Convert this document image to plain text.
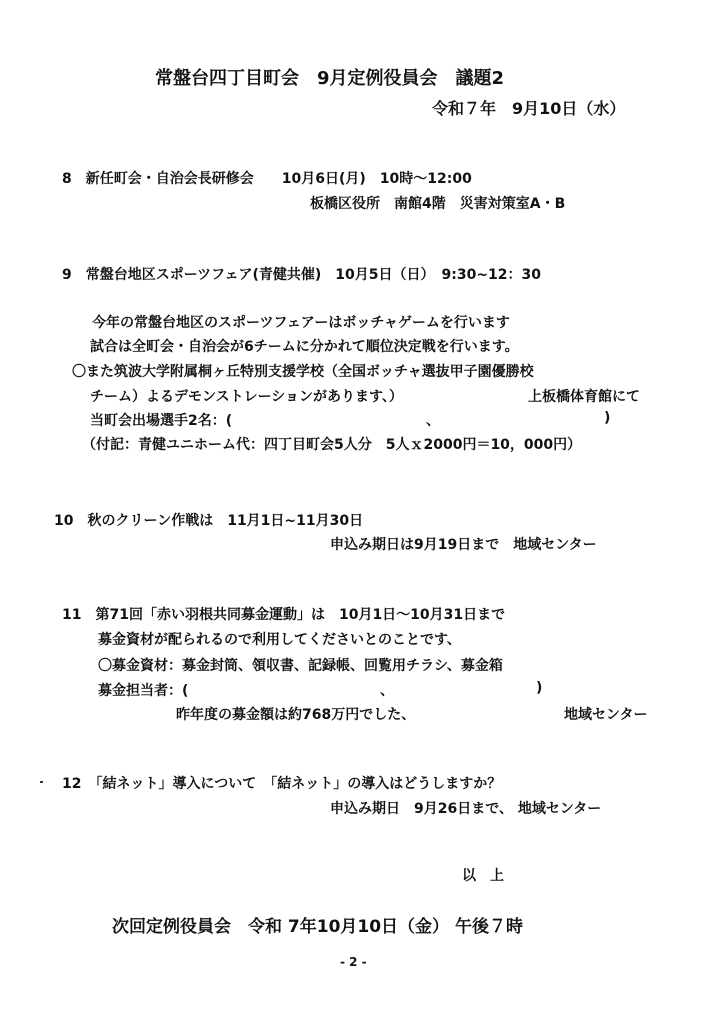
常盤台四丁目町会　9月定例役員会　議題2
令和７年　9月10日（水）
8　新任町会・自治会長研修会　　10月6日(月)　10時～12:00
板橋区役所　南館4階　災害対策室A・B
9　常盤台地区スポーツフェア(青健共催)　10月5日（日）　9:30~12：30
今年の常盤台地区のスポーツフェアーはボッチャゲームを行います
試合は全町会・自治会が6チームに分かれて順位決定戦を行います。
〇また筑波大学附属桐ヶ丘特別支援学校（全国ボッチャ選抜甲子園優勝校
チーム）よるデモンストレーションがあります、）	上板橋体育館にて
当町会出場選手2名：(	、	)
（付記：青健ユニホーム代：四丁目町会5人分　5人ｘ2000円＝10，000円）
10　秋のクリーン作戦は　11月1日~11月30日
申込み期日は9月19日まで　地域センター
11　第71回「赤い羽根共同募金運動」は　10月1日～10月31日まで
募金資材が配られるので利用してくださいとのことです、
〇募金資材：募金封筒、領収書、記録帳、回覧用チラシ、募金箱
募金担当者：(	、	)
昨年度の募金額は約768万円でした、	地域センター
12　「結ネット」導入について　「結ネット」の導入はどうしますか？
申込み期日　9月26日まで、 地域センター
以　上
次回定例役員会　令和 7年10月10日（金） 午後７時
- 2 -
